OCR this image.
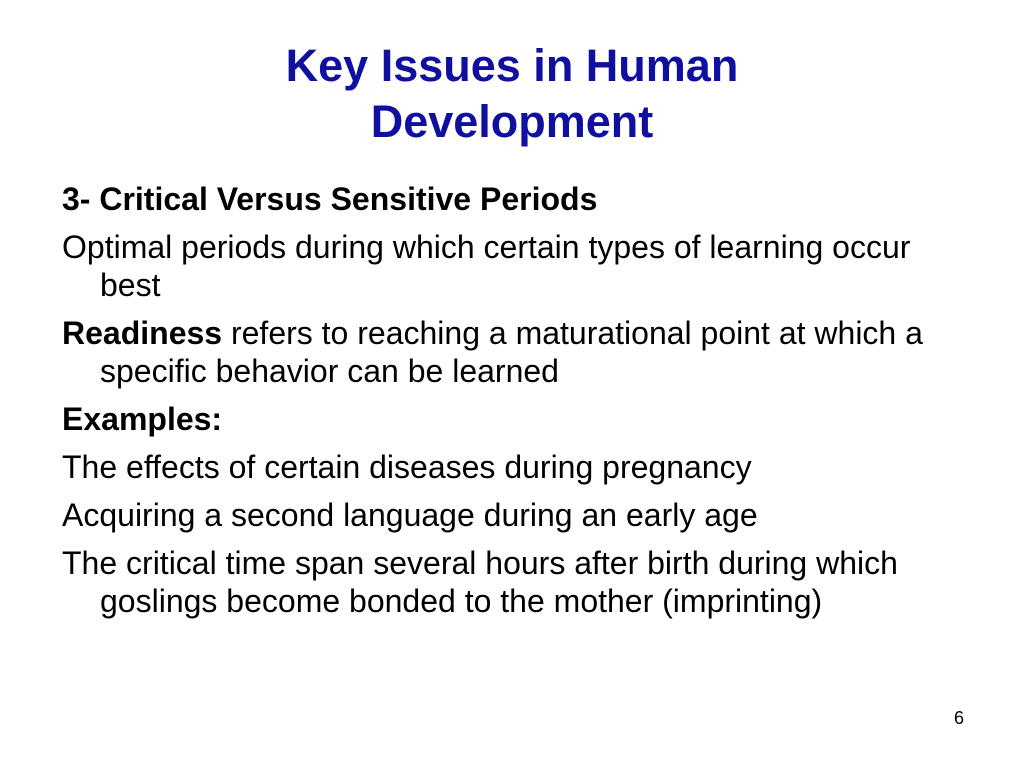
Key Issues in Human
Development

3- Critical Versus Sensitive Periods

Optimal periods during which certain types of learning occur best

Readiness refers to reaching a maturational point at which a specific behavior can be learned

Examples:

The effects of certain diseases during pregnancy

Acquiring a second language during an early age

The critical time span several hours after birth during which goslings become bonded to the mother (imprinting)

6
